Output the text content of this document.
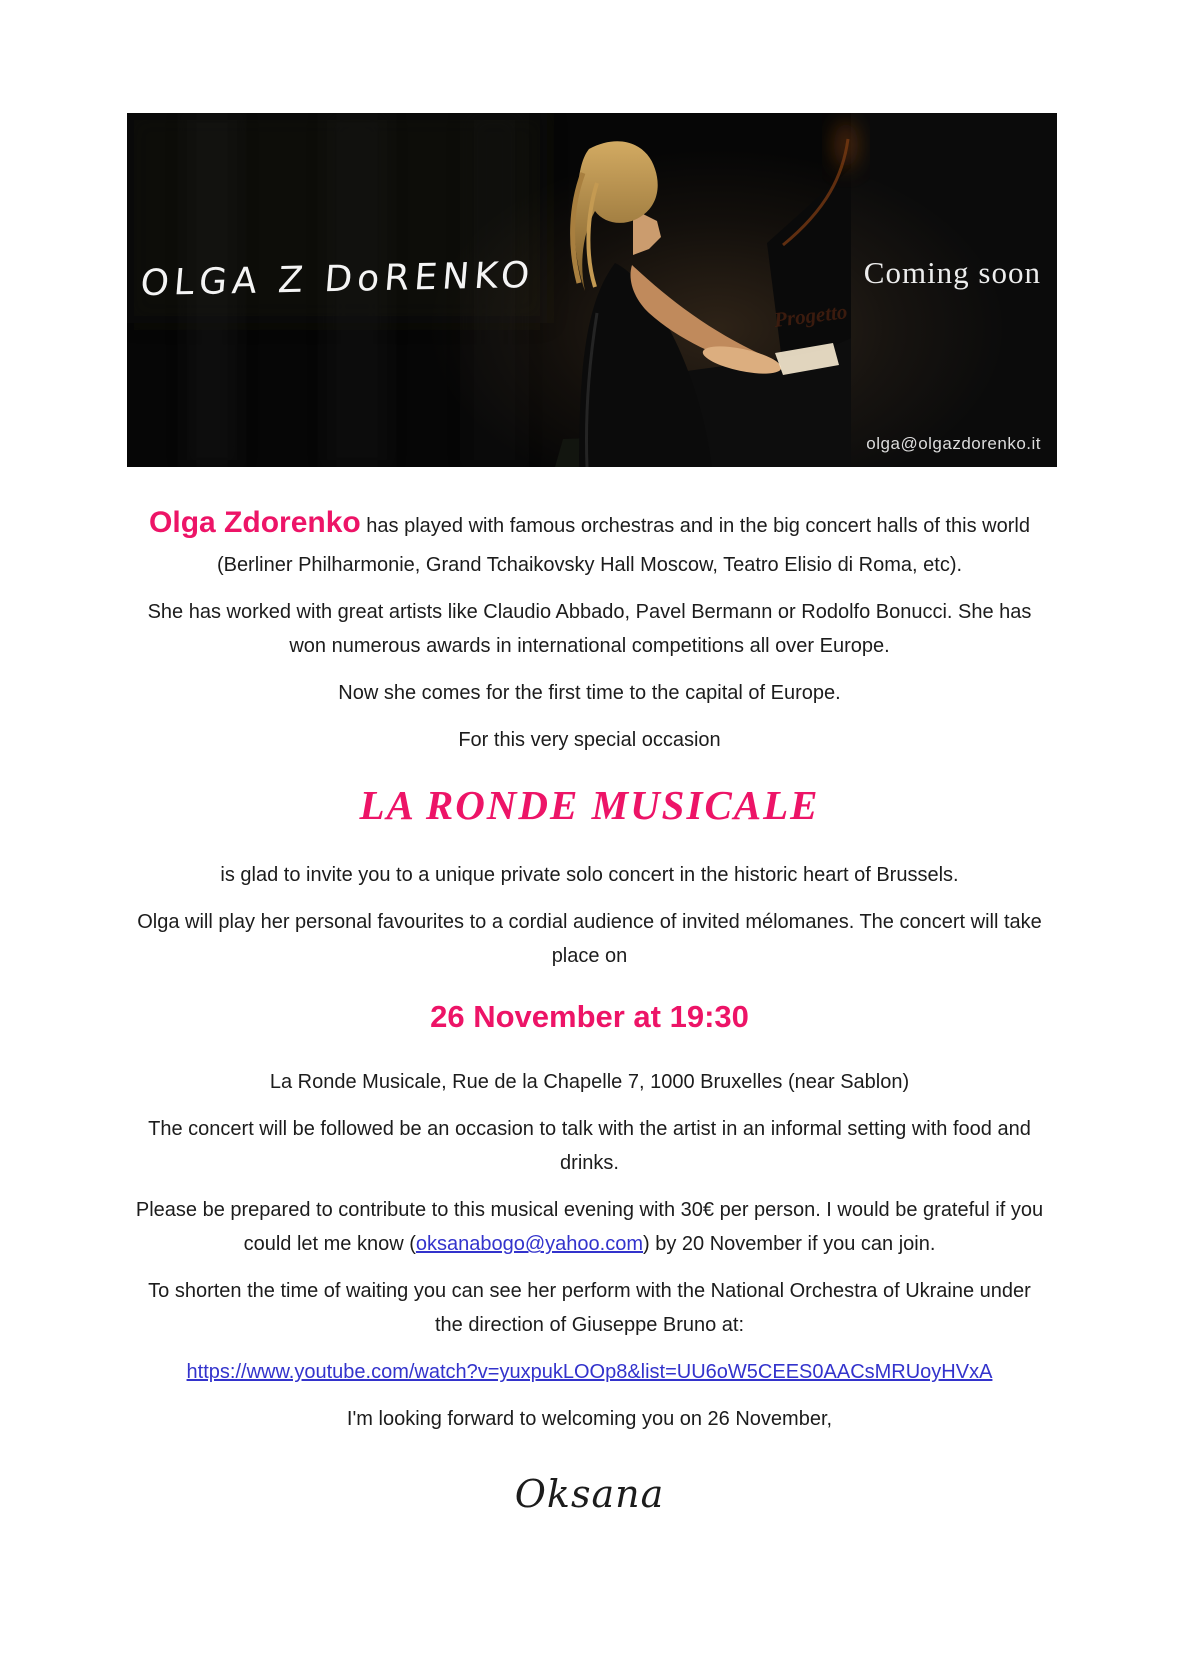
Progetto
OLGA Z DoRENKO	Coming soon
olga@olgazdorenko.it

Olga Zdorenko has played with famous orchestras and in the big concert halls of this world (Berliner Philharmonie, Grand Tchaikovsky Hall Moscow, Teatro Elisio di Roma, etc).

She has worked with great artists like Claudio Abbado, Pavel Bermann or Rodolfo Bonucci. She has won numerous awards in international competitions all over Europe.

Now she comes for the first time to the capital of Europe.

For this very special occasion

LA RONDE MUSICALE

is glad to invite you to a unique private solo concert in the historic heart of Brussels.

Olga will play her personal favourites to a cordial audience of invited mélomanes. The concert will take place on

26 November at 19:30

La Ronde Musicale, Rue de la Chapelle 7, 1000 Bruxelles (near Sablon)

The concert will be followed be an occasion to talk with the artist in an informal setting with food and drinks.

Please be prepared to contribute to this musical evening with 30€ per person. I would be grateful if you could let me know (oksanabogo@yahoo.com) by 20 November if you can join.

To shorten the time of waiting you can see her perform with the National Orchestra of Ukraine under the direction of Giuseppe Bruno at:

https://www.youtube.com/watch?v=yuxpukLOOp8&list=UU6oW5CEES0AACsMRUoyHVxA

I'm looking forward to welcoming you on 26 November,

Oksana
